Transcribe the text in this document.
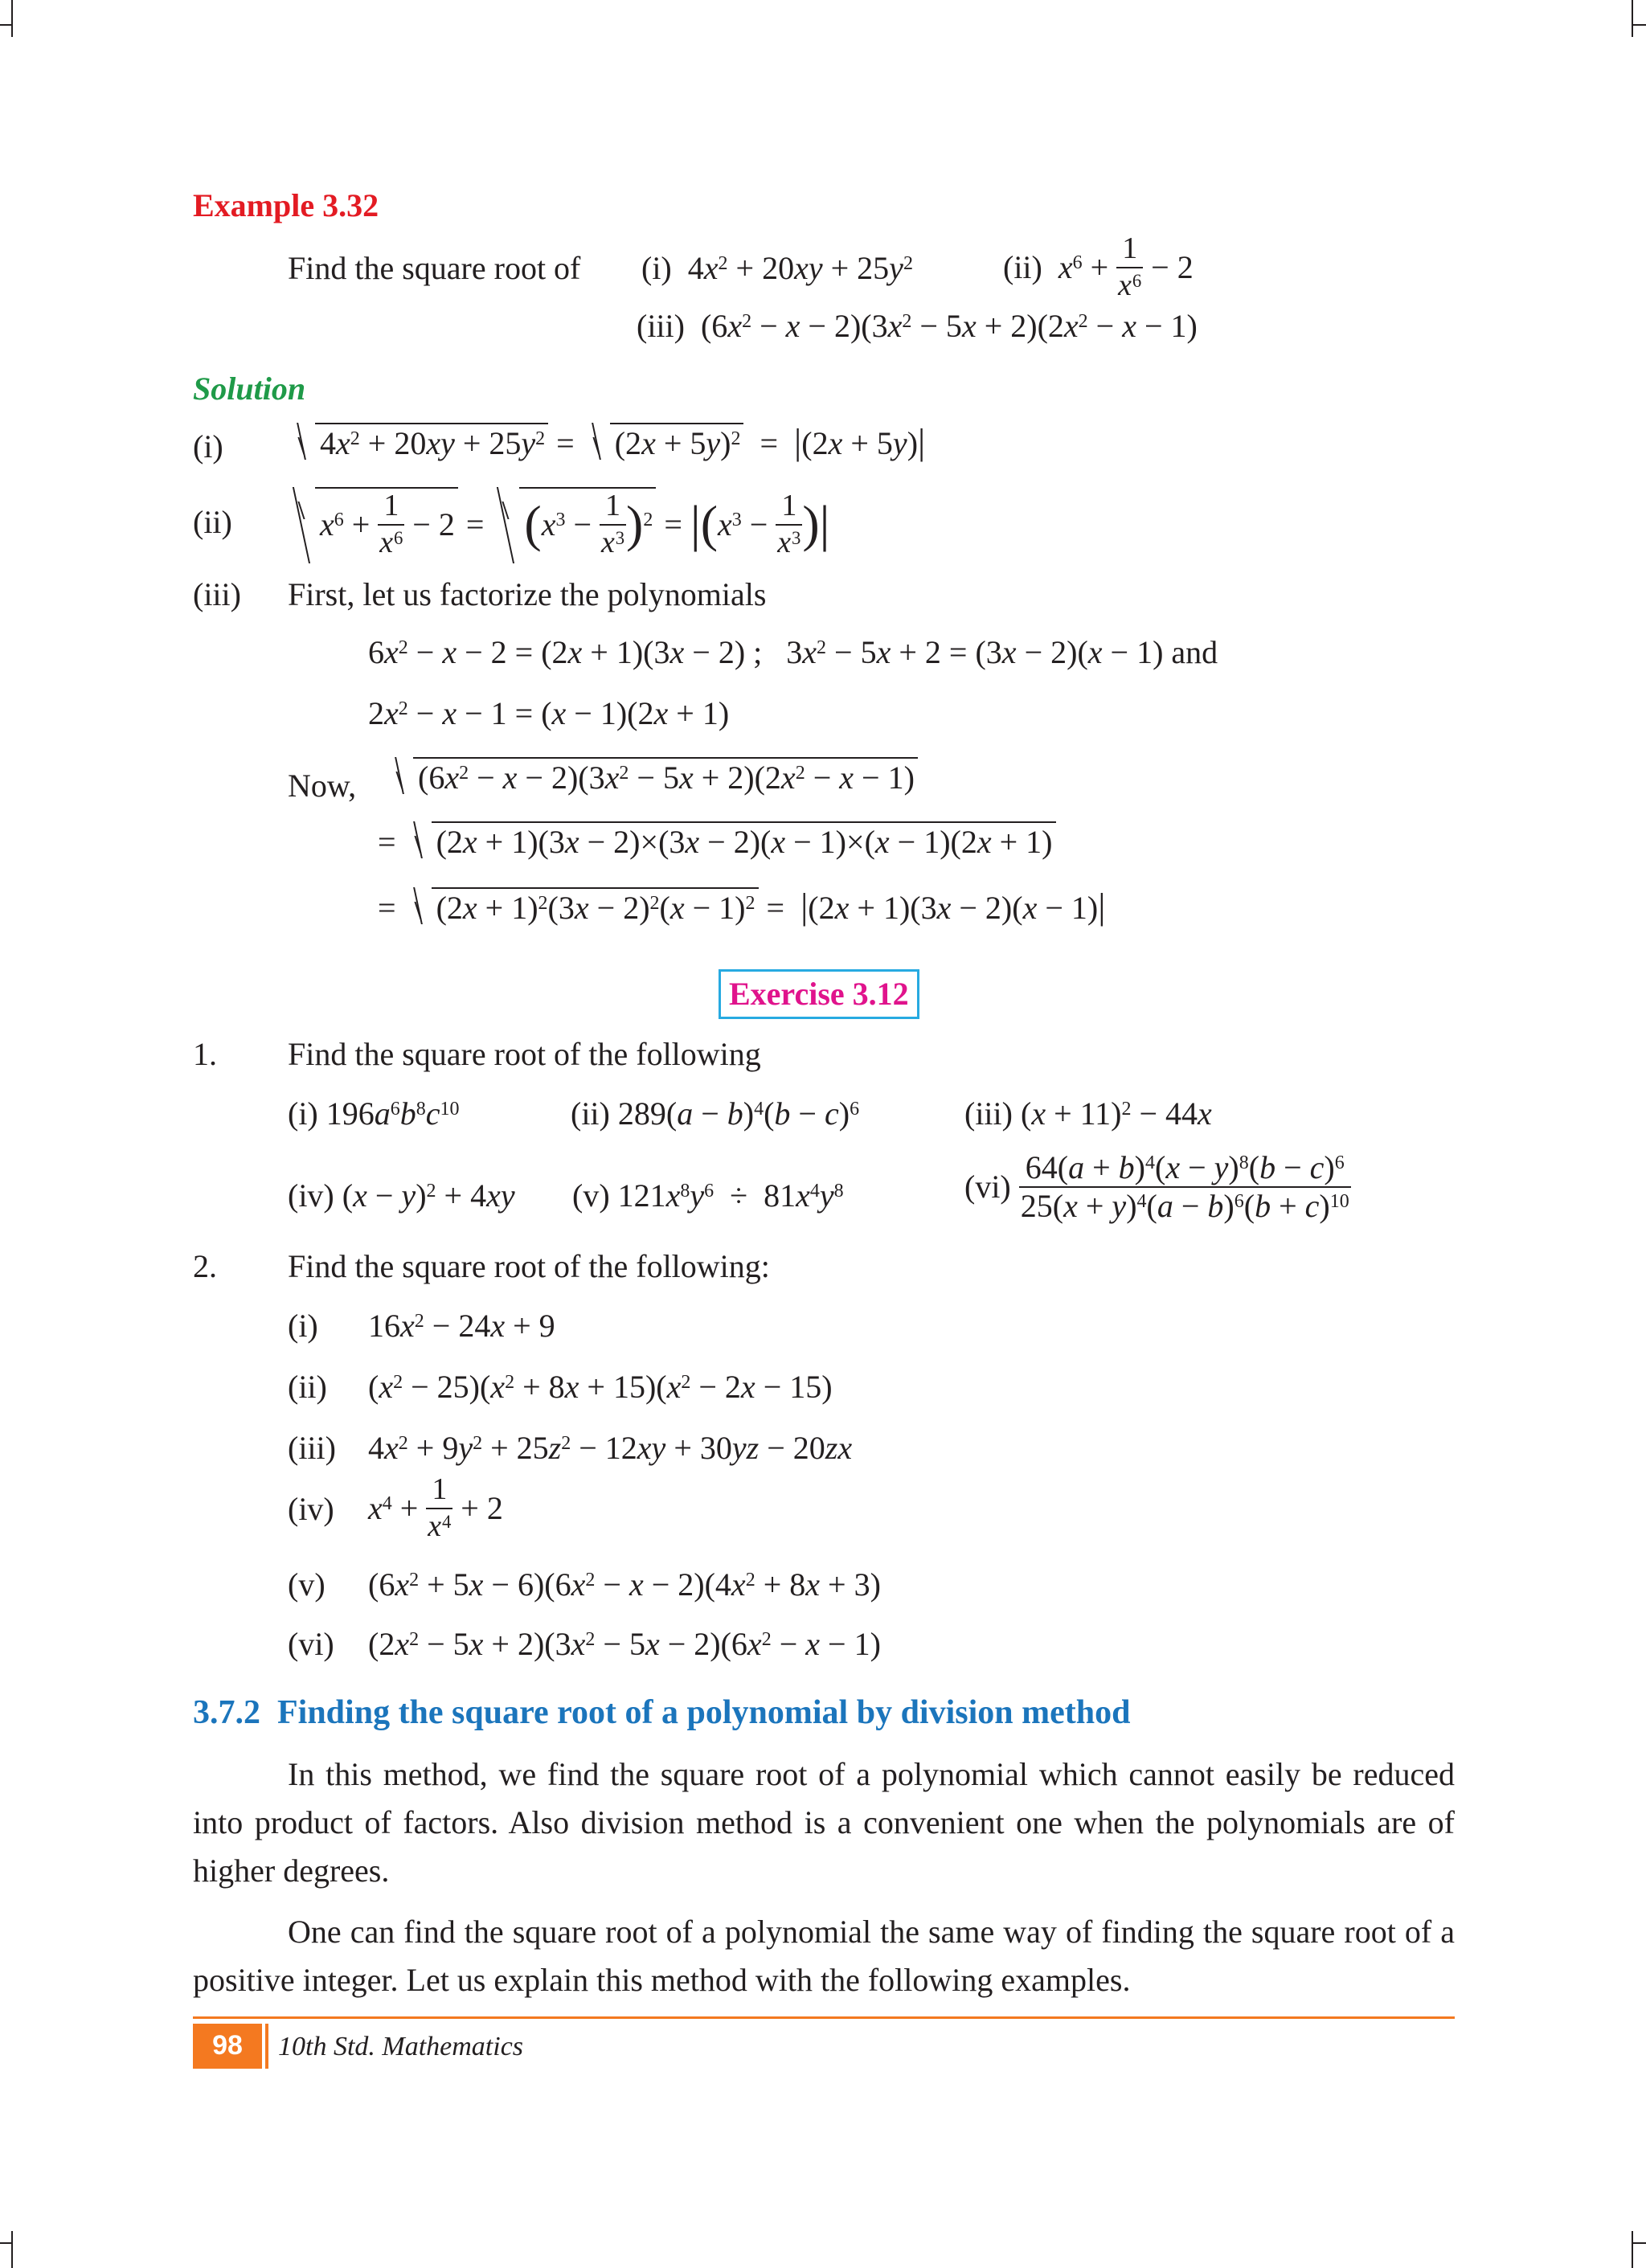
Example 3.32
Find the square root of (i)  $4x^2 + 20xy + 25y^2$	(ii) $x^6 + \frac{1}{x^6} - 2$
(iii)  $(6x^2 - x - 2)(3x^2 - 5x + 2)(2x^2 - x - 1)$
Solution
(i)	$4x^2 + 20xy + 25y^2 = (2x + 5y)^2 = |(2x + 5y)|$
(ii)	$x^6 + \frac{1}{x^6} - 2 = (x^3 - \frac{1}{x^3} )^2 = |(x^3 - \frac{1}{x^3}$ )|
(iii) First, let us factorize the polynomials
$6x^2 - x - 2 = (2x + 1)(3x - 2)$ ;   $3x^2 - 5x + 2 = (3x - 2)(x - 1)$ and
$2x^2 - x - 1 = (x - 1)(2x + 1)$
Now,	$(6x^2 - x - 2)(3x^2 - 5x + 2)(2x^2 - x - 1)$
= (2x + 1)(3x − 2)×(3x − 2)(x − 1)×(x − 1)(2x + 1)
= $(2x + 1)^2(3x - 2)^2(x - 1)^2 = |(2x + 1)(3x - 2)(x - 1)|$
Exercise 3.12
1. Find the square root of the following
(i) $196a^6b^8c^{10}$	(ii) $289(a - b)^4(b - c)^6$	(iii) $(x + 11)^2 - 44x$
(iv) $(x - y)^2 + 4xy$ (v) $121x^8y^6 \div 81x^4y^8$	$(vi) \frac{64(a + b)^4(x - y)^8(b - c)^6}{25(x + y)^4(a - b)^6(b + c)^{10}}$
2. Find the square root of the following:
(i) $16x^2 - 24x + 9$
(ii) $(x^2 - 25)(x^2 + 8x + 15)(x^2 - 2x - 15)$
(iii) $4x^2 + 9y^2 + 25z^2 - 12xy + 30yz - 20zx$
(iv) $x^4 + \frac{1}{x^4} + 2$
(v) $(6x^2 + 5x - 6)(6x^2 - x - 2)(4x^2 + 8x + 3)$
(vi) $(2x^2 - 5x + 2)(3x^2 - 5x - 2)(6x^2 - x - 1)$
3.7.2 Finding the square root of a polynomial by division method
In this method, we find the square root of a polynomial which cannot easily be reduced into product of factors. Also division method is a convenient one when the polynomials are of higher degrees.
One can find the square root of a polynomial the same way of finding the square root of a positive integer. Let us explain this method with the following examples.
98	10th Std. Mathematics
